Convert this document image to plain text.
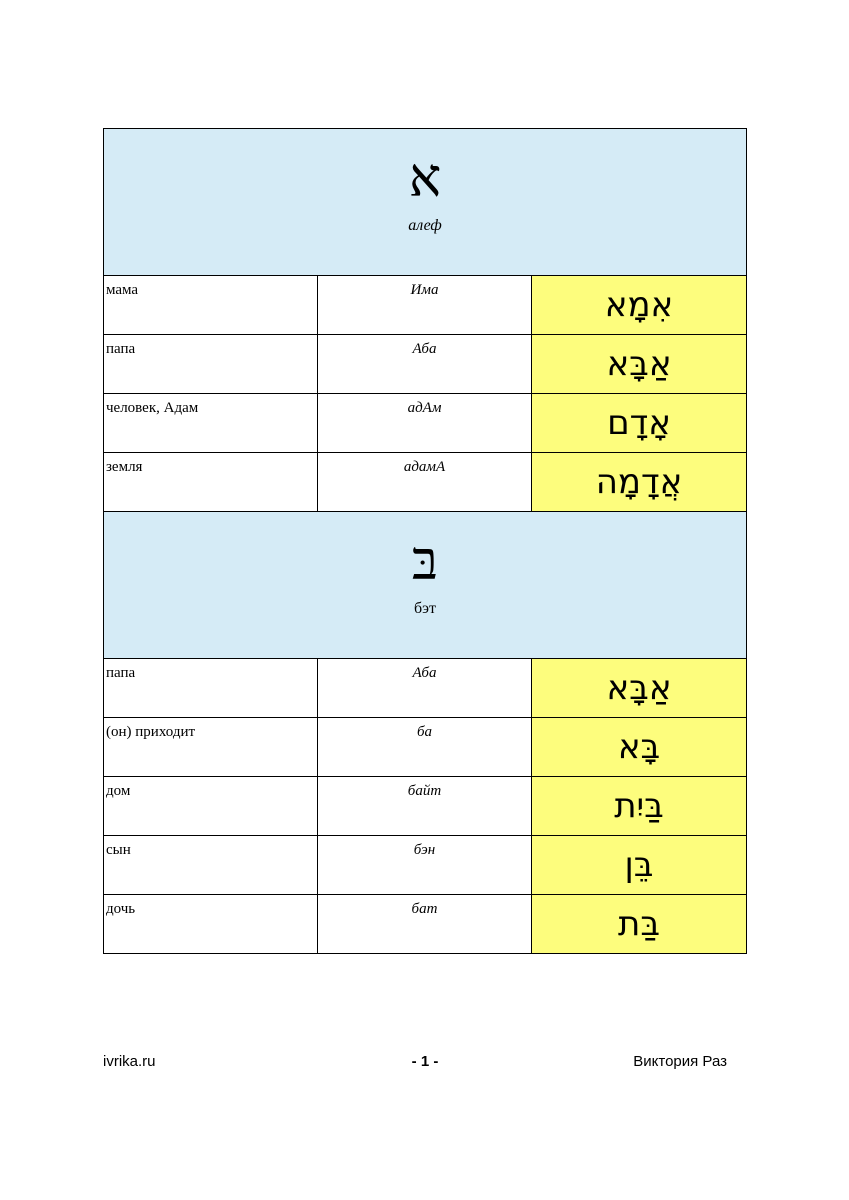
א
алеф		

мама	Има	אִמָא
папа	Аба	אַבָּא
человек, Адам	адАм	אָדָם
земля	адамА	אֲדָמָה

בּ
бэт		

папа	Аба	אַבָּא
(он) приходит	ба	בָּא
дом	байт	בַּיִת
сын	бэн	בֵּן
дочь	бат	בַּת
ivrika.ru	- 1 -	Виктория Раз
